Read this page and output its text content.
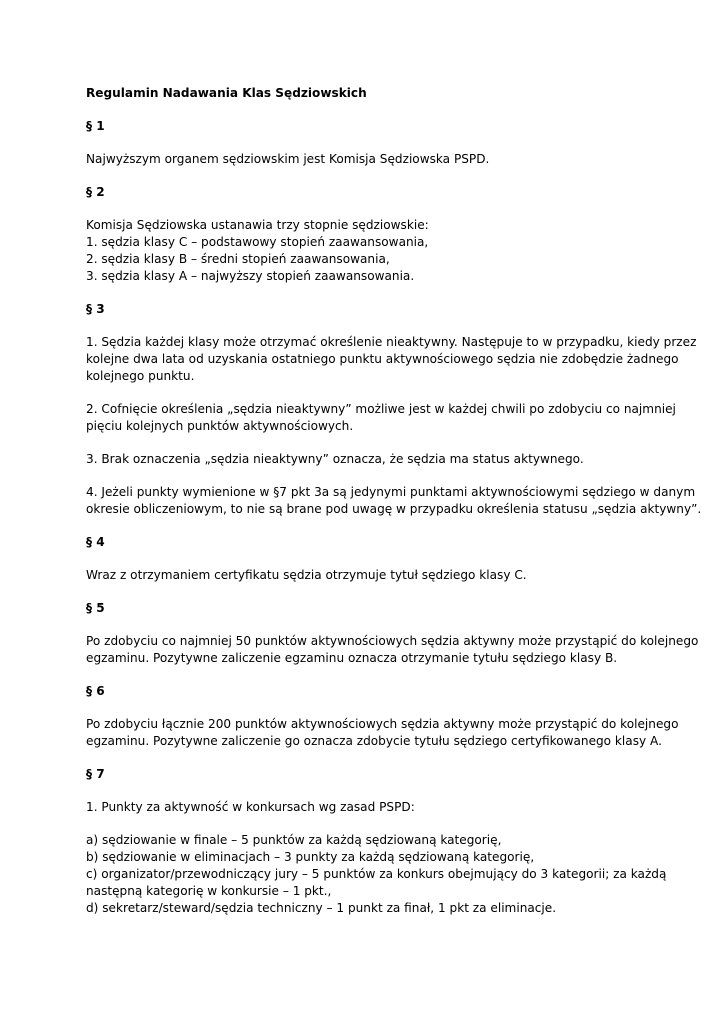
Regulamin Nadawania Klas Sędziowskich

§ 1

Najwyższym organem sędziowskim jest Komisja Sędziowska PSPD.

§ 2

Komisja Sędziowska ustanawia trzy stopnie sędziowskie:
1. sędzia klasy C – podstawowy stopień zaawansowania,
2. sędzia klasy B – średni stopień zaawansowania,
3. sędzia klasy A – najwyższy stopień zaawansowania.

§ 3

1. Sędzia każdej klasy może otrzymać określenie nieaktywny. Następuje to w przypadku, kiedy przez
kolejne dwa lata od uzyskania ostatniego punktu aktywnościowego sędzia nie zdobędzie żadnego
kolejnego punktu.

2. Cofnięcie określenia „sędzia nieaktywny” możliwe jest w każdej chwili po zdobyciu co najmniej
pięciu kolejnych punktów aktywnościowych.

3. Brak oznaczenia „sędzia nieaktywny” oznacza, że sędzia ma status aktywnego.

4. Jeżeli punkty wymienione w §7 pkt 3a są jedynymi punktami aktywnościowymi sędziego w danym
okresie obliczeniowym, to nie są brane pod uwagę w przypadku określenia statusu „sędzia aktywny”.

§ 4

Wraz z otrzymaniem certyfikatu sędzia otrzymuje tytuł sędziego klasy C.

§ 5

Po zdobyciu co najmniej 50 punktów aktywnościowych sędzia aktywny może przystąpić do kolejnego
egzaminu. Pozytywne zaliczenie egzaminu oznacza otrzymanie tytułu sędziego klasy B.

§ 6

Po zdobyciu łącznie 200 punktów aktywnościowych sędzia aktywny może przystąpić do kolejnego
egzaminu. Pozytywne zaliczenie go oznacza zdobycie tytułu sędziego certyfikowanego klasy A.

§ 7

1. Punkty za aktywność w konkursach wg zasad PSPD:

a) sędziowanie w finale – 5 punktów za każdą sędziowaną kategorię,
b) sędziowanie w eliminacjach – 3 punkty za każdą sędziowaną kategorię,
c) organizator/przewodniczący jury – 5 punktów za konkurs obejmujący do 3 kategorii; za każdą
następną kategorię w konkursie – 1 pkt.,
d) sekretarz/steward/sędzia techniczny – 1 punkt za finał, 1 pkt za eliminacje.
